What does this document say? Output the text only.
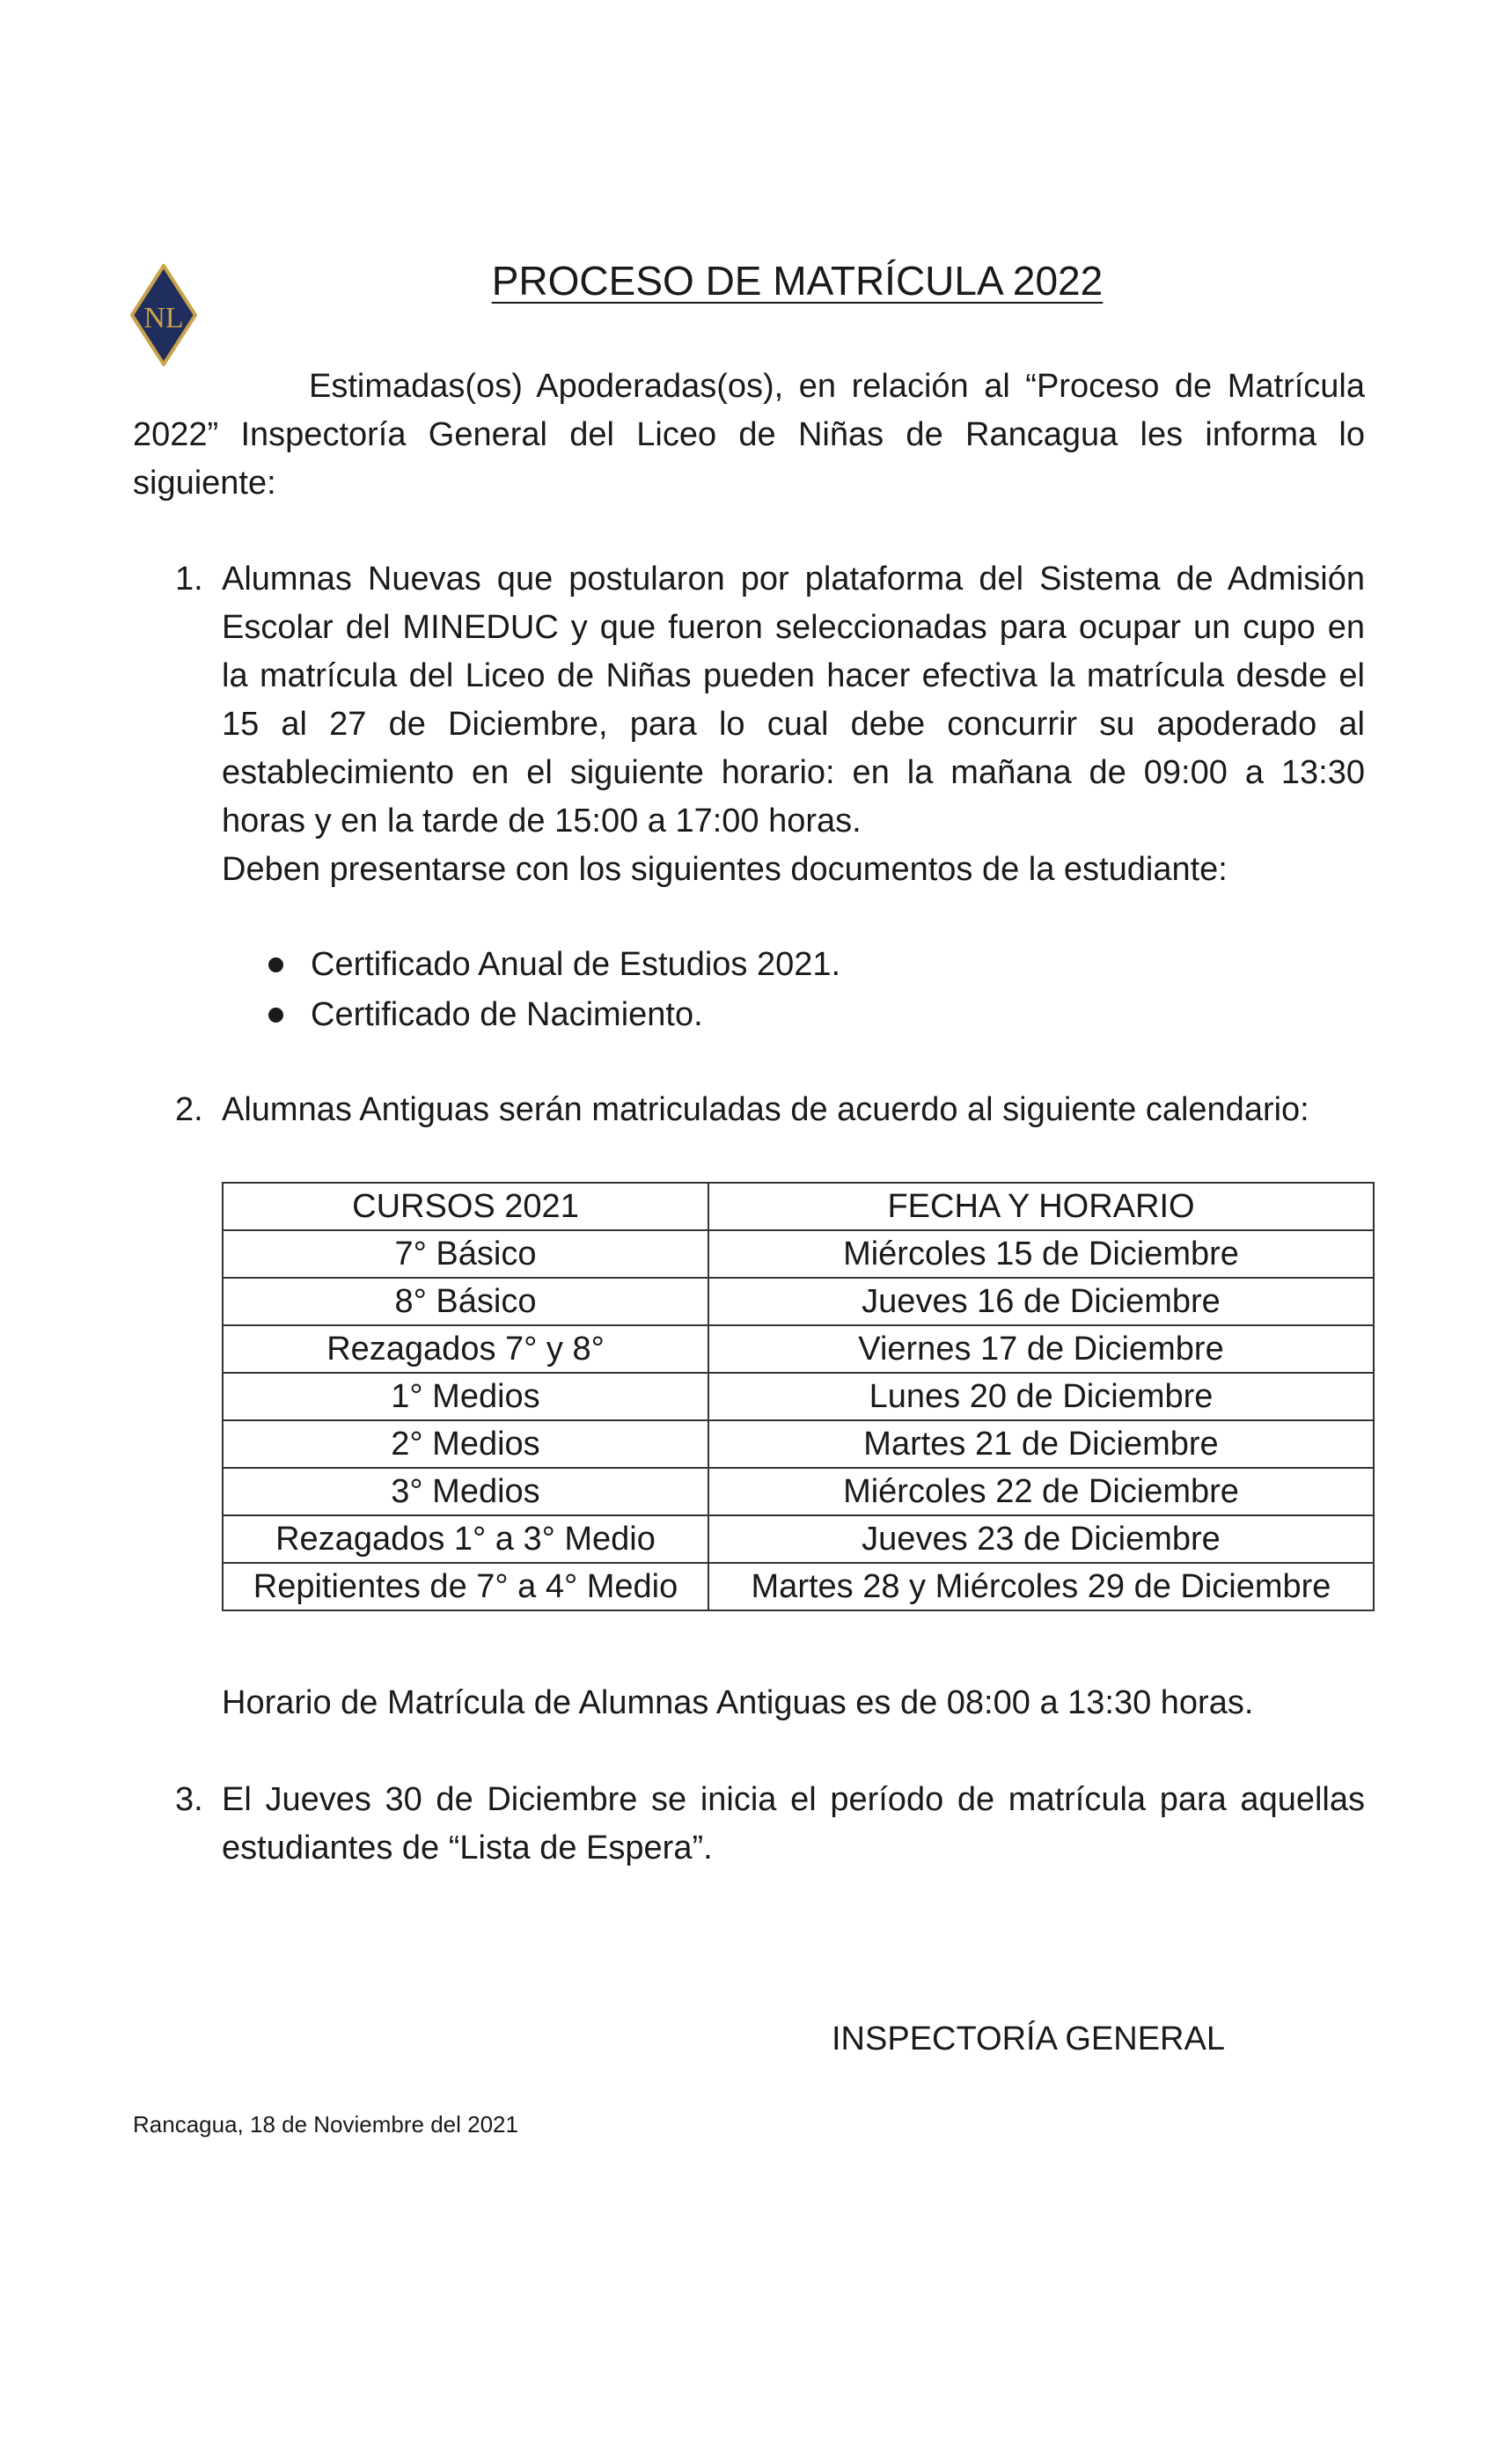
NL
PROCESO DE MATRÍCULA 2022
Estimadas(os) Apoderadas(os), en relación al “Proceso de Matrícula 2022” Inspectoría General del Liceo de Niñas de Rancagua les informa lo siguiente:
1. Alumnas Nuevas que postularon por plataforma del Sistema de Admisión Escolar del MINEDUC y que fueron seleccionadas para ocupar un cupo en la matrícula del Liceo de Niñas pueden hacer efectiva la matrícula desde el 15 al 27 de Diciembre, para lo cual debe concurrir su apoderado al establecimiento en el siguiente horario: en la mañana de 09:00 a 13:30 horas y en la tarde de 15:00 a 17:00 horas.

Deben presentarse con los siguientes documentos de la estudiante:

Certificado Anual de Estudios 2021.
Certificado de Nacimiento.
2. Alumnas Antiguas serán matriculadas de acuerdo al siguiente calendario:

CURSOS 2021	FECHA Y HORARIO
7° Básico	Miércoles 15 de Diciembre
8° Básico	Jueves 16 de Diciembre
Rezagados 7° y 8°	Viernes 17 de Diciembre
1° Medios	Lunes 20 de Diciembre
2° Medios	Martes 21 de Diciembre
3° Medios	Miércoles 22 de Diciembre
Rezagados 1° a 3° Medio	Jueves 23 de Diciembre
Repitientes de 7° a 4° Medio	Martes 28 y Miércoles 29 de Diciembre
Horario de Matrícula de Alumnas Antiguas es de 08:00 a 13:30 horas.
3. El Jueves 30 de Diciembre se inicia el período de matrícula para aquellas estudiantes de “Lista de Espera”.

INSPECTORÍA GENERAL
Rancagua, 18 de Noviembre del 2021
